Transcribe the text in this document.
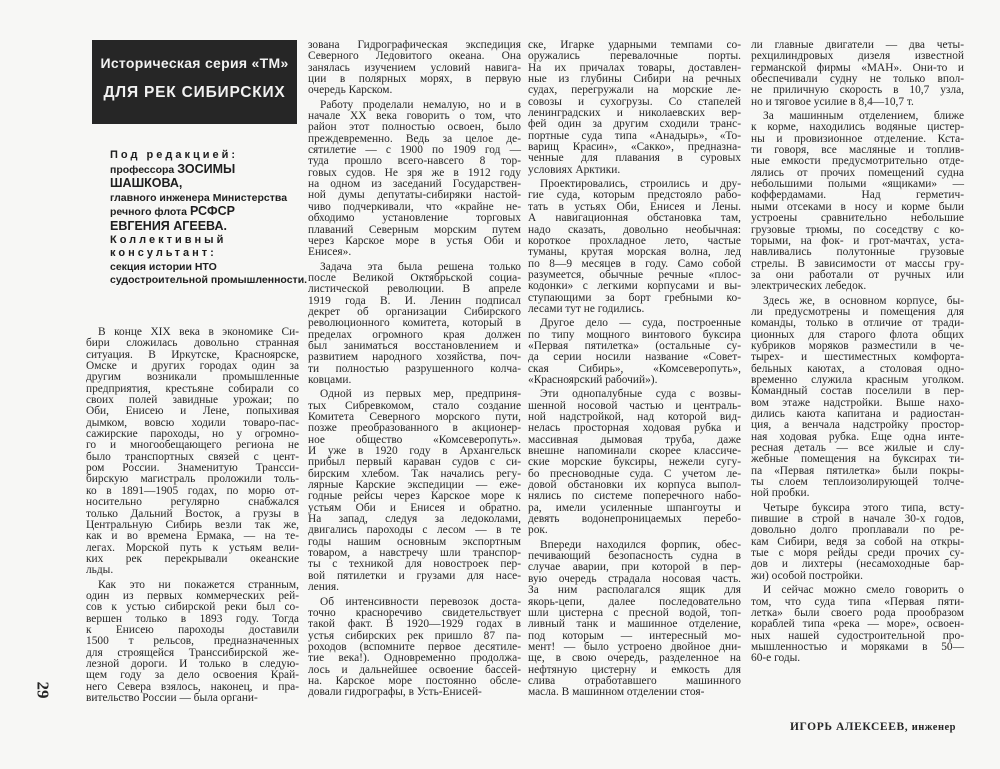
Историческая серия «ТМ»
ДЛЯ РЕК СИБИРСКИХ
Под редакцией:
профессора ЗОСИМЫ ШАШКОВА,
главного инженера Министерства
речного флота РСФСР
ЕВГЕНИЯ АГЕЕВА.
Коллективный
консультант:
секция истории НТО
судостроительной промышленности.
В конце XIX века в экономике Си-
бири сложилась довольно странная
ситуация. В Иркутске, Красноярске,
Омске и других городах один за
другим возникали промышленные
предприятия, крестьяне собирали со
своих полей завидные урожаи; по
Оби, Енисею и Лене, попыхивая
дымком, вовсю ходили товаро-пас-
сажирские пароходы, но у огромно-
го и многообещающего региона не
было транспортных связей с цент-
ром России. Знаменитую Трансси-
бирскую магистраль проложили толь-
ко в 1891—1905 годах, по морю от-
носительно регулярно снабжался
только Дальний Восток, а грузы в
Центральную Сибирь везли так же,
как и во времена Ермака, — на те-
легах. Морской путь к устьям вели-
ких рек перекрывали океанские
льды.
Как это ни покажется странным,
один из первых коммерческих рей-
сов к устью сибирской реки был со-
вершен только в 1893 году. Тогда
к Енисею пароходы доставили
1500 т рельсов, предназначенных
для строящейся Транссибирской же-
лезной дороги. И только в следую-
щем году за дело освоения Край-
него Севера взялось, наконец, и пра-
вительство России — была органи-
зована Гидрографическая экспедиция
Северного Ледовитого океана. Она
занялась изучением условий навига-
ции в полярных морях, в первую
очередь Карском.
Работу проделали немалую, но и в
начале XX века говорить о том, что
район этот полностью освоен, было
преждевременно. Ведь за целое де-
сятилетие — с 1900 по 1909 год —
туда прошло всего-навсего 8 тор-
говых судов. Не зря же в 1912 году
на одном из заседаний Государствен-
ной думы депутаты-сибиряки настой-
чиво подчеркивали, что «крайне не-
обходимо установление торговых
плаваний Северным морским путем
через Карское море в устья Оби и
Енисея».
Задача эта была решена только
после Великой Октябрьской социа-
листической революции. В апреле
1919 года В. И. Ленин подписал
декрет об организации Сибирского
революционного комитета, который в
пределах огромного края должен
был заниматься восстановлением и
развитием народного хозяйства, поч-
ти полностью разрушенного колча-
ковцами.
Одной из первых мер, предприня-
тых Сибревкомом, стало создание
Комитета Северного морского пути,
позже преобразованного в акционер-
ное общество «Комсеверопуть».
И уже в 1920 году в Архангельск
прибыл первый караван судов с си-
бирским хлебом. Так начались регу-
лярные Карские экспедиции — еже-
годные рейсы через Карское море к
устьям Оби и Енисея и обратно.
На запад, следуя за ледоколами,
двигались пароходы с лесом — в те
годы нашим основным экспортным
товаром, а навстречу шли транспор-
ты с техникой для новостроек пер-
вой пятилетки и грузами для насе-
ления.
Об интенсивности перевозок доста-
точно красноречиво свидетельствует
такой факт. В 1920—1929 годах в
устья сибирских рек пришло 87 па-
роходов (вспомните первое десятиле-
тие века!). Одновременно продолжа-
лось и дальнейшее освоение бассей-
на. Карское море постоянно обсле-
довали гидрографы, в Усть-Енисей-
ске, Игарке ударными темпами со-
оружались перевалочные порты.
На их причалах товары, доставлен-
ные из глубины Сибири на речных
судах, перегружали на морские ле-
совозы и сухогрузы. Со стапелей
ленинградских и николаевских вер-
фей один за другим сходили транс-
портные суда типа «Анадырь», «То-
варищ Красин», «Сакко», предназна-
ченные для плавания в суровых
условиях Арктики.
Проектировались, строились и дру-
гие суда, которым предстояло рабо-
тать в устьях Оби, Енисея и Лены.
А навигационная обстановка там,
надо сказать, довольно необычная:
короткое прохладное лето, частые
туманы, крутая морская волна, лед
по 8—9 месяцев в году. Само собой
разумеется, обычные речные «плос-
кодонки» с легкими корпусами и вы-
ступающими за борт гребными ко-
лесами тут не годились.
Другое дело — суда, построенные
по типу мощного винтового буксира
«Первая пятилетка» (остальные су-
да серии носили название «Совет-
ская Сибирь», «Комсеверопуть»,
«Красноярский рабочий»).
Эти однопалубные суда с возвы-
шенной носовой частью и централь-
ной надстройкой, над которой вид-
нелась просторная ходовая рубка и
массивная дымовая труба, даже
внешне напоминали скорее классиче-
ские морские буксиры, нежели сугу-
бо пресноводные суда. С учетом ле-
довой обстановки их корпуса выпол-
нялись по системе поперечного набо-
ра, имели усиленные шпангоуты и
девять водонепроницаемых перебо-
рок.
Впереди находился форпик, обес-
печивающий безопасность судна в
случае аварии, при которой в пер-
вую очередь страдала носовая часть.
За ним располагался ящик для
якорь-цепи, далее последовательно
шли цистерна с пресной водой, топ-
ливный танк и машинное отделение,
под которым — интересный мо-
мент! — было устроено двойное дни-
ще, в свою очередь, разделенное на
нефтяную цистерну и емкость для
слива отработавшего машинного
масла. В машинном отделении стоя-
ли главные двигатели — два четы-
рехцилиндровых дизеля известной
германской фирмы «МАН». Они-то и
обеспечивали судну не только впол-
не приличную скорость в 10,7 узла,
но и тяговое усилие в 8,4—10,7 т.
За машинным отделением, ближе
к корме, находились водяные цистер-
ны и провизионное отделение. Кста-
ти говоря, все масляные и топлив-
ные емкости предусмотрительно отде-
лялись от прочих помещений судна
небольшими полыми «ящиками» —
коффердамами. Над герметич-
ными отсеками в носу и корме были
устроены сравнительно небольшие
грузовые трюмы, по соседству с ко-
торыми, на фок- и грот-мачтах, уста-
навливались полутонные грузовые
стрелы. В зависимости от массы гру-
за они работали от ручных или
электрических лебедок.
Здесь же, в основном корпусе, бы-
ли предусмотрены и помещения для
команды, только в отличие от тради-
ционных для старого флота общих
кубриков моряков разместили в че-
тырех- и шестиместных комфорта-
бельных каютах, а столовая одно-
временно служила красным уголком.
Командный состав поселили в пер-
вом этаже надстройки. Выше нахо-
дились каюта капитана и радиостан-
ция, а венчала надстройку простор-
ная ходовая рубка. Еще одна инте-
ресная деталь — все жилые и слу-
жебные помещения на буксирах ти-
па «Первая пятилетка» были покры-
ты слоем теплоизолирующей толче-
ной пробки.
Четыре буксира этого типа, всту-
пившие в строй в начале 30-х годов,
довольно долго проплавали по ре-
кам Сибири, ведя за собой на откры-
тые с моря рейды среди прочих су-
дов и лихтеры (несамоходные бар-
жи) особой постройки.
И сейчас можно смело говорить о
том, что суда типа «Первая пяти-
летка» были своего рода прообразом
кораблей типа «река — море», освоен-
ных нашей судостроительной про-
мышленностью и моряками в 50—
60-е годы.
29
ИГОРЬ АЛЕКСЕЕВ, инженер
